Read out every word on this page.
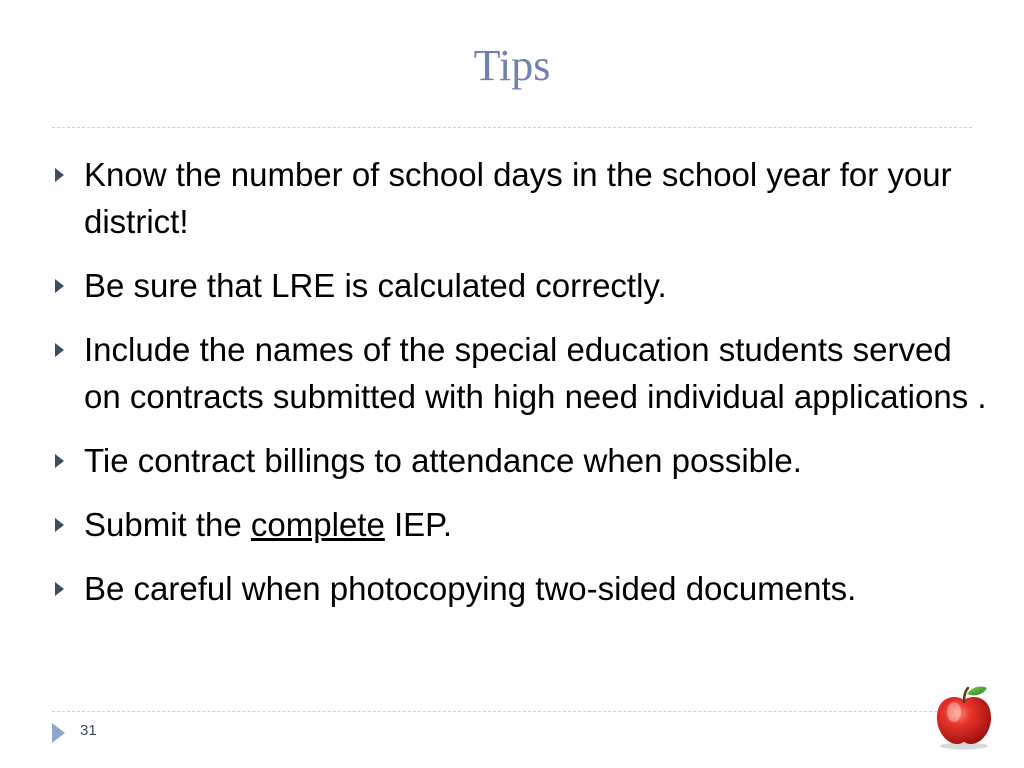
Tips
Know the number of school days in the school year for your district!
Be sure that LRE is calculated correctly.
Include the names of the special education students served on contracts submitted with high need individual applications .
Tie contract billings to attendance when possible.
Submit the complete IEP.
Be careful when photocopying two-sided documents.
31
